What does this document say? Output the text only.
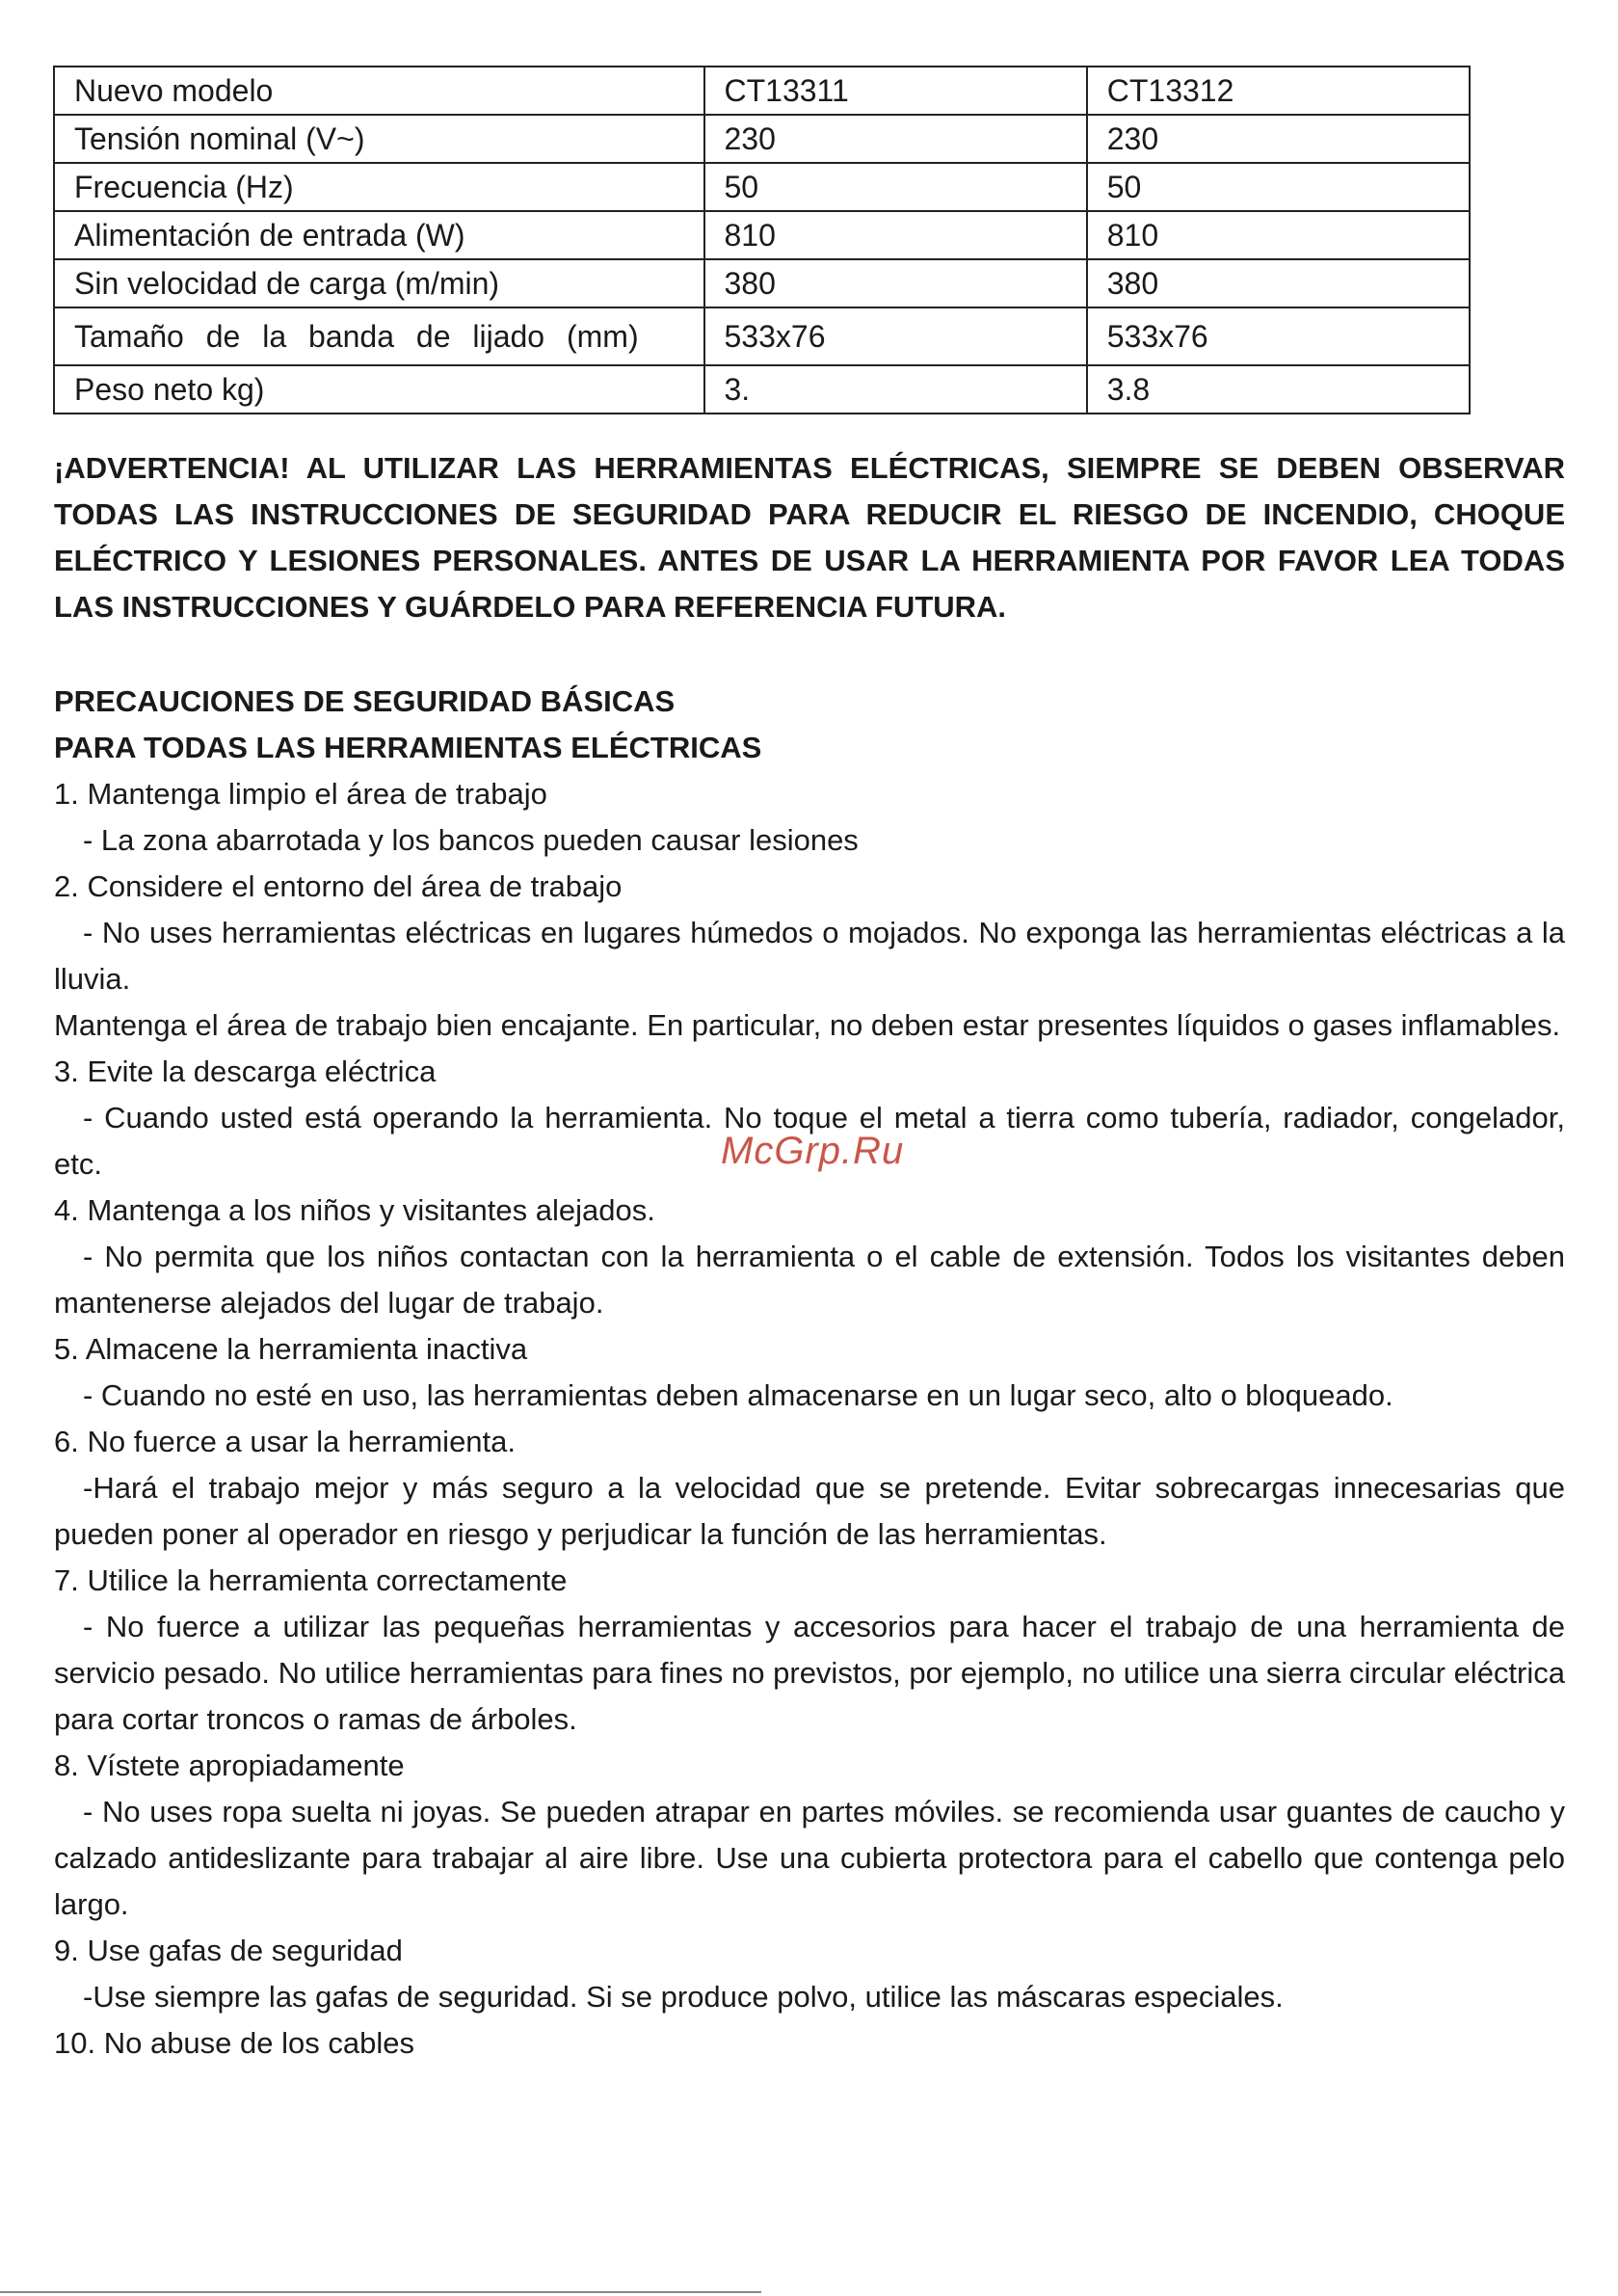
Nuevo modelo	CT13311	CT13312
Tensión nominal (V~)	230	230
Frecuencia (Hz)	50	50
Alimentación de entrada (W)	810	810
Sin velocidad de carga (m/min)	380	380
Tamaño de la banda de lijado (mm)	533x76	533x76
Peso neto kg)	3.	3.8

¡ADVERTENCIA! AL UTILIZAR LAS HERRAMIENTAS ELÉCTRICAS, SIEMPRE SE DEBEN OBSERVAR TODAS LAS INSTRUCCIONES DE SEGURIDAD PARA REDUCIR EL RIESGO DE INCENDIO, CHOQUE ELÉCTRICO Y LESIONES PERSONALES. ANTES DE USAR LA HERRAMIENTA POR FAVOR LEA TODAS LAS INSTRUCCIONES Y GUÁRDELO PARA REFERENCIA FUTURA.

PRECAUCIONES DE SEGURIDAD BÁSICAS

PARA TODAS LAS HERRAMIENTAS ELÉCTRICAS

1. Mantenga limpio el área de trabajo

- La zona abarrotada y los bancos pueden causar lesiones

2. Considere el entorno del área de trabajo

- No uses herramientas eléctricas en lugares húmedos o mojados. No exponga las herramientas eléctricas a la lluvia.

Mantenga el área de trabajo bien encajante. En particular, no deben estar presentes líquidos o gases inflamables.

3. Evite la descarga eléctrica

- Cuando usted está operando la herramienta. No toque el metal a tierra como tubería, radiador, congelador, etc.

4. Mantenga a los niños y visitantes alejados.

- No permita que los niños contactan con la herramienta o el cable de extensión. Todos los visitantes deben mantenerse alejados del lugar de trabajo.

5. Almacene la herramienta inactiva

- Cuando no esté en uso, las herramientas deben almacenarse en un lugar seco, alto o bloqueado.

6. No fuerce a usar la herramienta.

-Hará el trabajo mejor y más seguro a la velocidad que se pretende. Evitar sobrecargas innecesarias que pueden poner al operador en riesgo y perjudicar la función de las herramientas.

7. Utilice la herramienta correctamente

- No fuerce a utilizar las pequeñas herramientas y accesorios para hacer el trabajo de una herramienta de servicio pesado. No utilice herramientas para fines no previstos, por ejemplo, no utilice una sierra circular eléctrica para cortar troncos o ramas de árboles.

8. Vístete apropiadamente

- No uses ropa suelta ni joyas. Se pueden atrapar en partes móviles. se recomienda usar guantes de caucho y calzado antideslizante para trabajar al aire libre. Use una cubierta protectora para el cabello que contenga pelo largo.

9. Use gafas de seguridad

-Use siempre las gafas de seguridad. Si se produce polvo, utilice las máscaras especiales.

10. No abuse de los cables

McGrp.Ru
